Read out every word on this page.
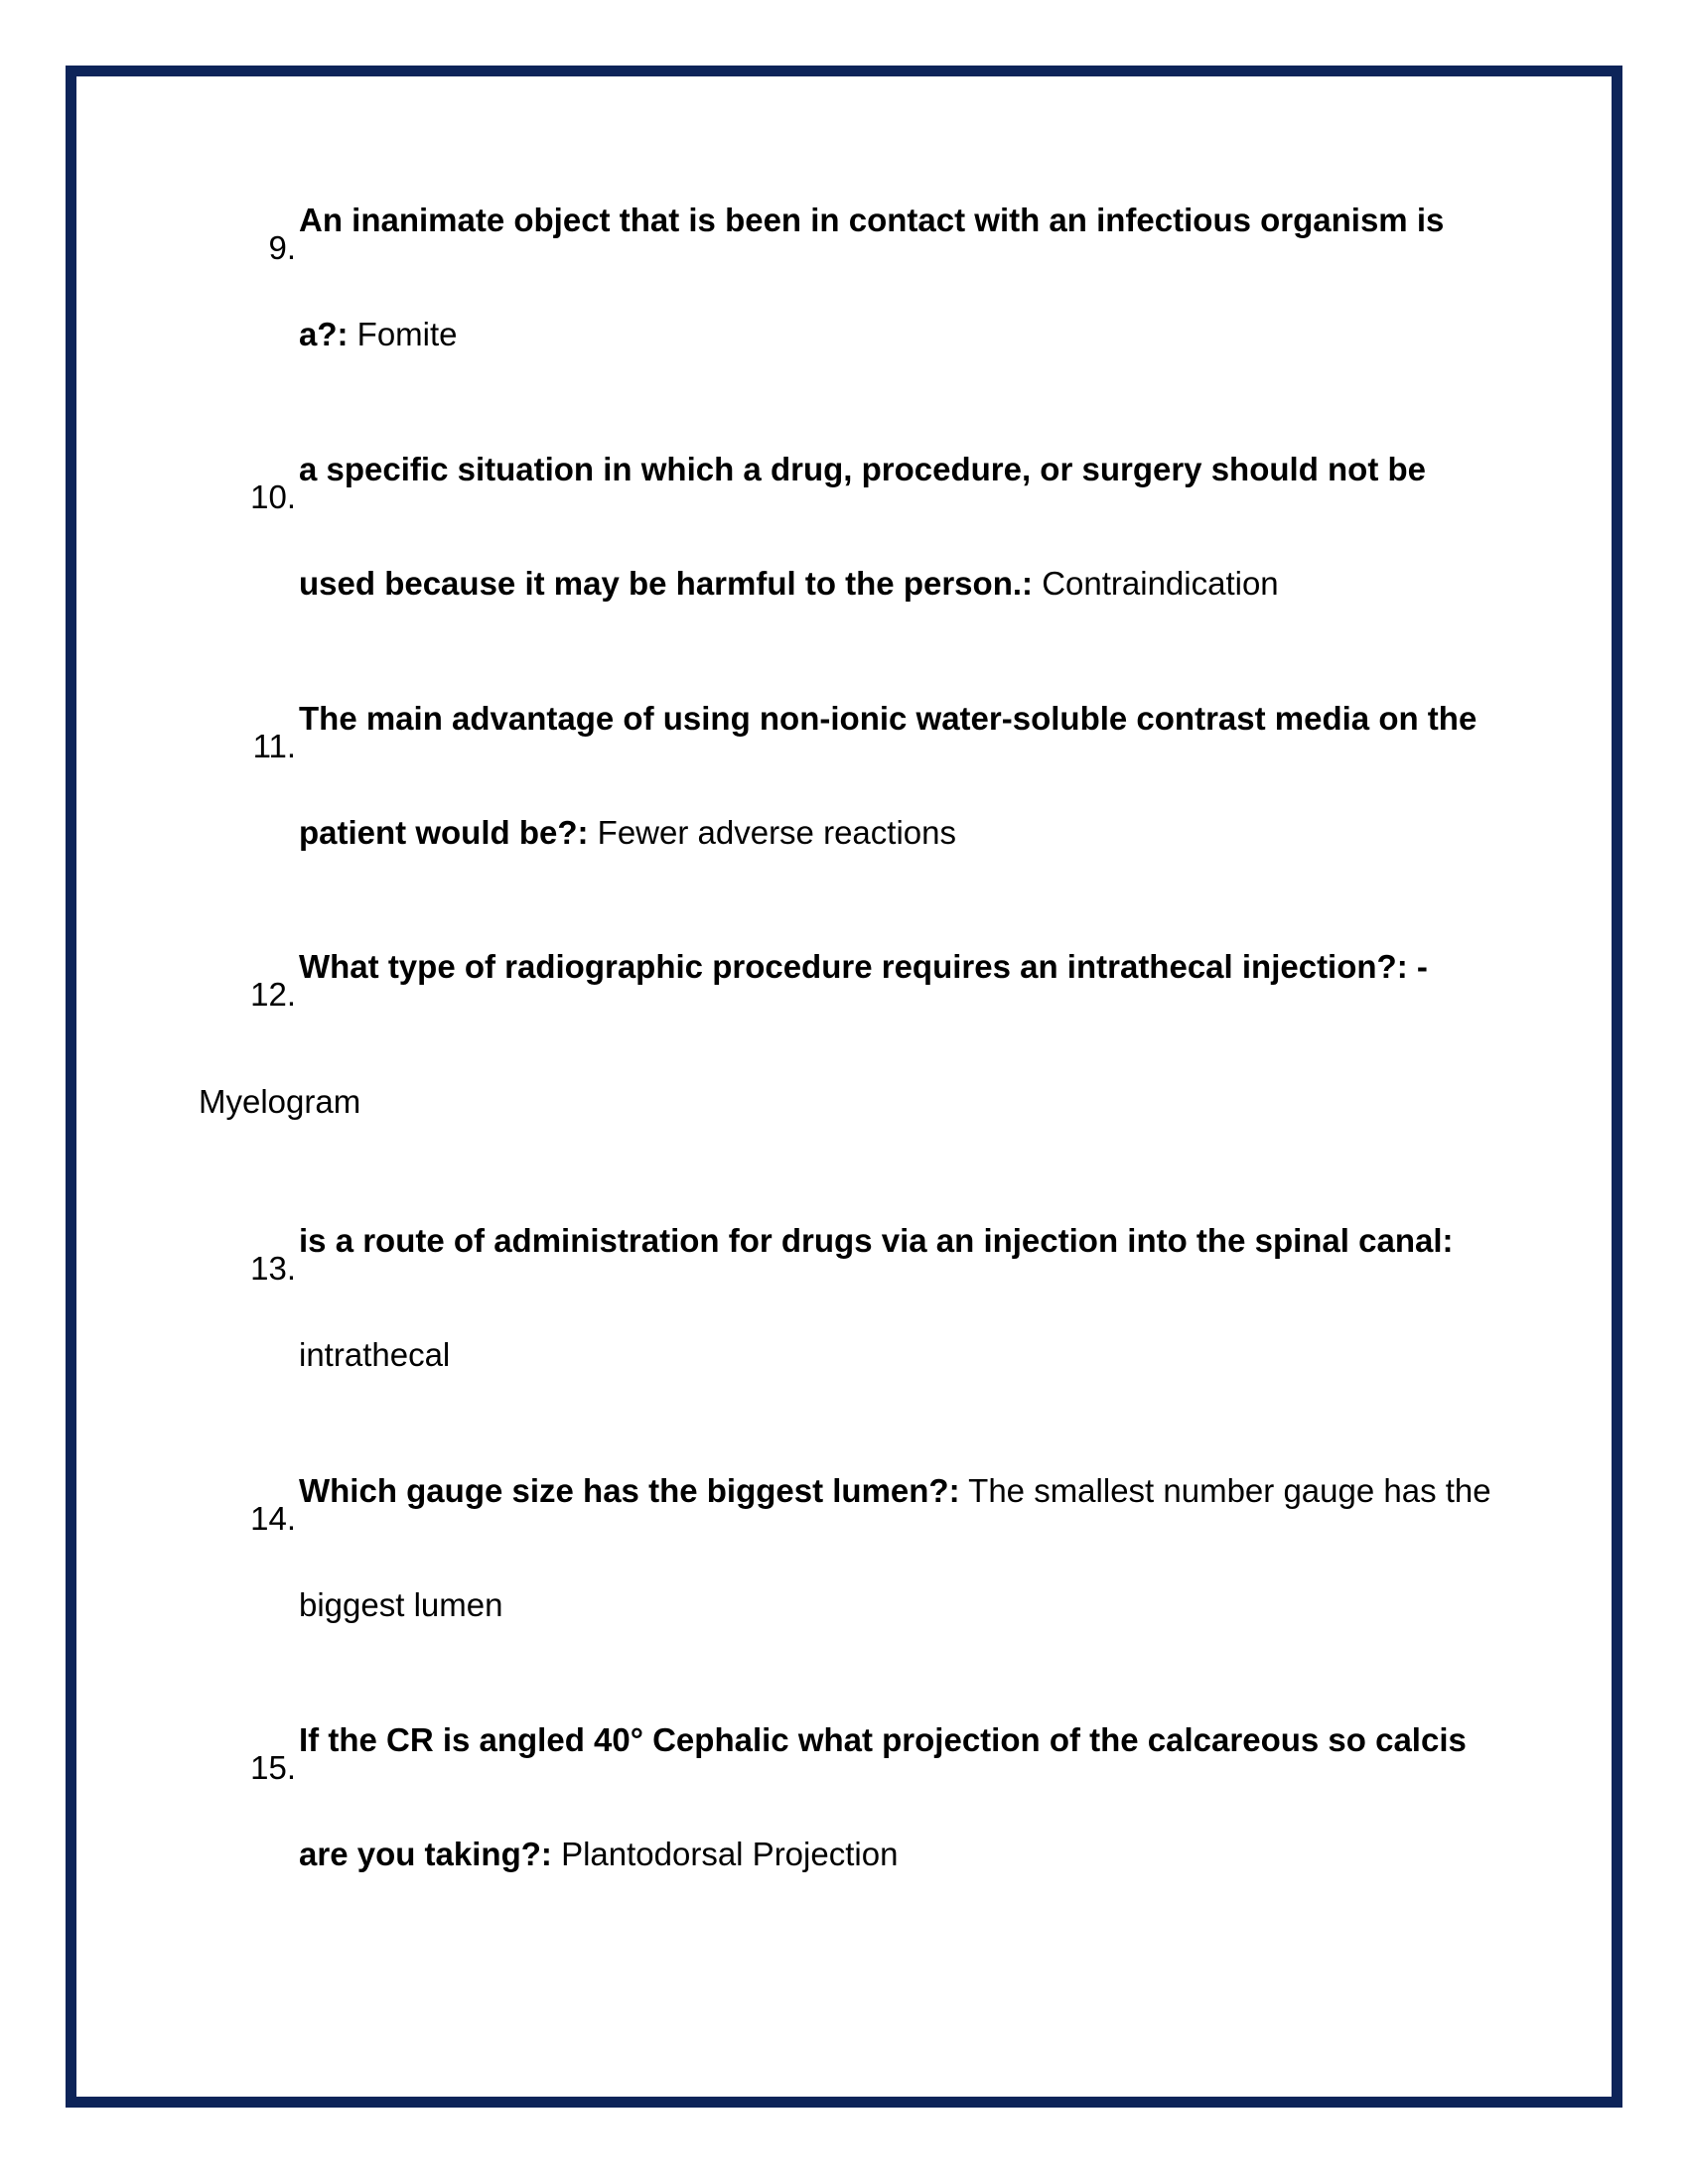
9.
An inanimate object that is been in contact with an infectious organism is a?: Fomite
10.
a specific situation in which a drug, procedure, or surgery should not be used because it may be harmful to the person.: Contraindication
11.
The main advantage of using non-ionic water-soluble contrast media on the patient would be?: Fewer adverse reactions
12.
What type of radiographic procedure requires an intrathecal injection?: -
Myelogram
13.
is a route of administration for drugs via an injection into the spinal canal: intrathecal
14.
Which gauge size has the biggest lumen?: The smallest number gauge has the biggest lumen
15.
If the CR is angled 40° Cephalic what projection of the calcareous so calcis are you taking?: Plantodorsal Projection
